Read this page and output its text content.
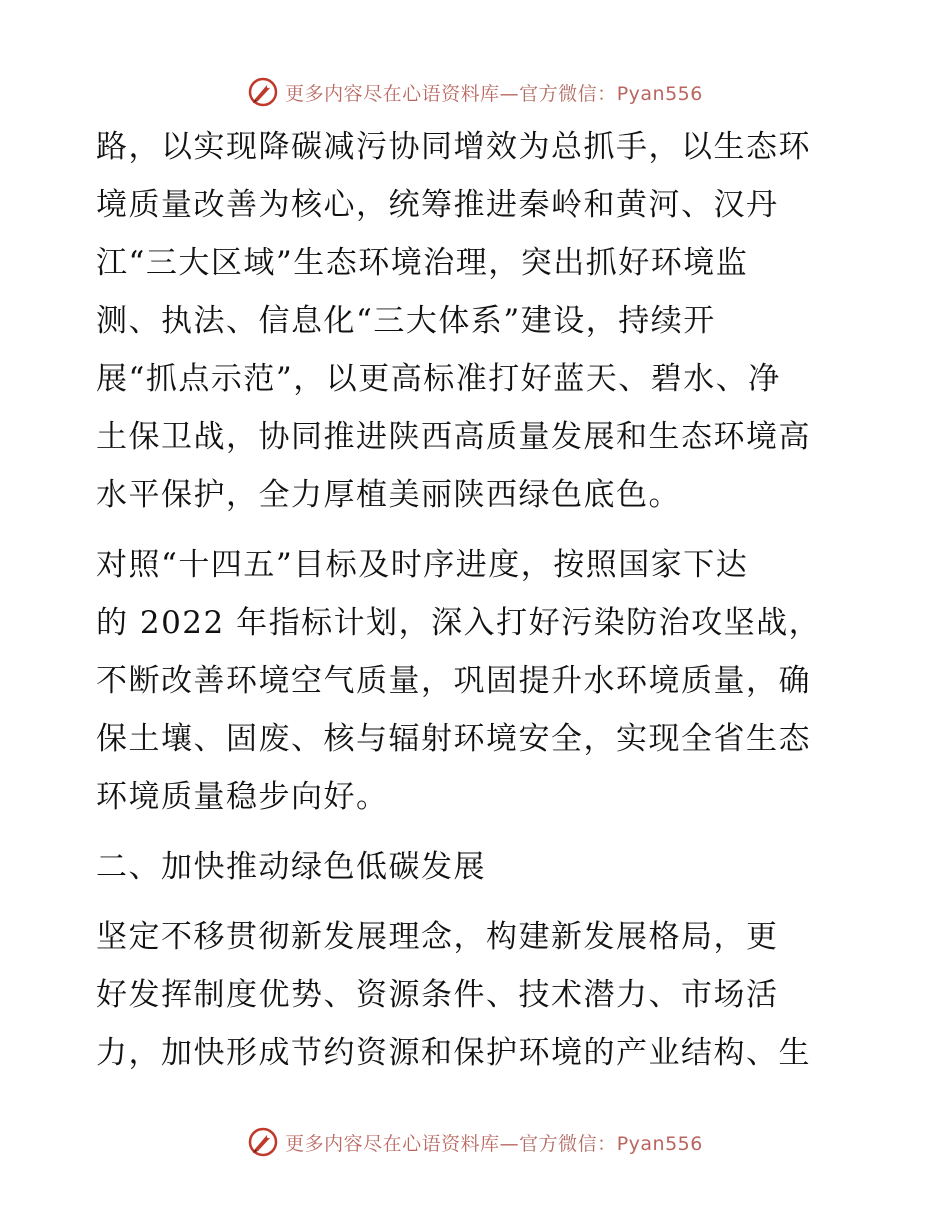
更多内容尽在心语资料库—官方微信：Pyan556
路，以实现降碳减污协同增效为总抓手，以生态环
境质量改善为核心，统筹推进秦岭和黄河、汉丹
江“三大区域”生态环境治理，突出抓好环境监
测、执法、信息化“三大体系”建设，持续开
展“抓点示范”，以更高标准打好蓝天、碧水、净
土保卫战，协同推进陕西高质量发展和生态环境高
水平保护，全力厚植美丽陕西绿色底色。
对照“十四五”目标及时序进度，按照国家下达
的 2022 年指标计划，深入打好污染防治攻坚战，
不断改善环境空气质量，巩固提升水环境质量，确
保土壤、固废、核与辐射环境安全，实现全省生态
环境质量稳步向好。
二、加快推动绿色低碳发展
坚定不移贯彻新发展理念，构建新发展格局，更
好发挥制度优势、资源条件、技术潜力、市场活
力，加快形成节约资源和保护环境的产业结构、生
更多内容尽在心语资料库—官方微信：Pyan556
